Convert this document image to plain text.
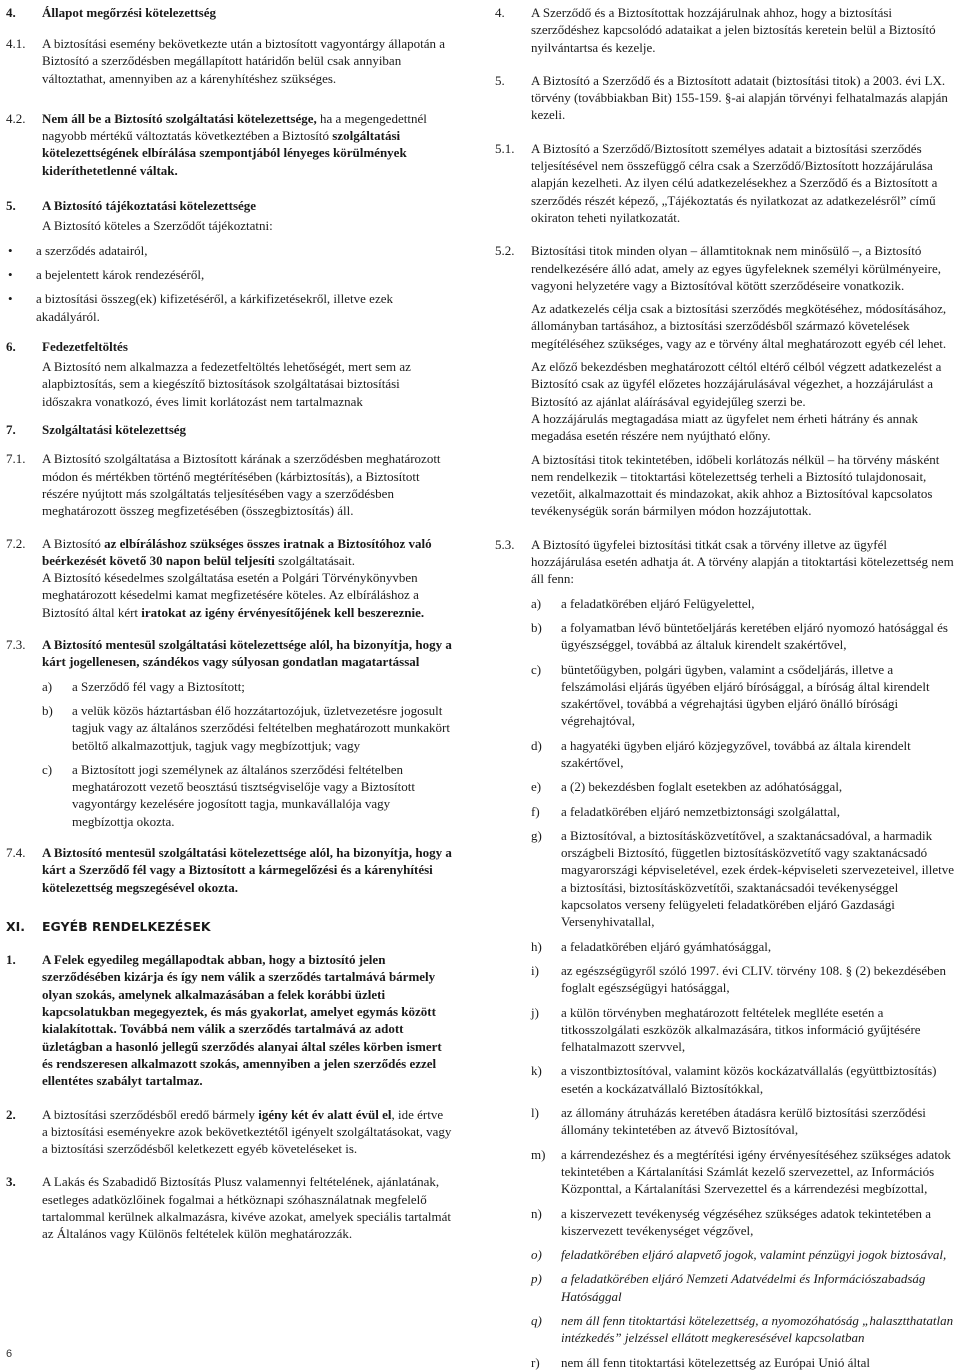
4. Állapot megőrzési kötelezettség
4.1. A biztosítási esemény bekövetkezte után a biztosított vagyontárgy állapotán a Biztosító a szerződésben megállapított határidőn belül csak annyiban változtathat, amennyiben az a kárenyhítéshez szükséges.

4.2. Nem áll be a Biztosító szolgáltatási kötelezettsége, ha a megengedettnél nagyobb mértékű változtatás következtében a Biztosító szolgáltatási kötelezettségének elbírálása szempontjából lényeges körülmények kideríthetetlenné váltak.

5. A Biztosító tájékoztatási kötelezettsége

A Biztosító köteles a Szerződőt tájékoztatni:

• a szerződés adatairól,
• a bejelentett károk rendezéséről,
• a biztosítási összeg(ek) kifizetéséről, a kárkifizetésekről, illetve ezek akadályáról.
6. Fedezetfeltöltés

A Biztosító nem alkalmazza a fedezetfeltöltés lehetőségét, mert sem az alapbiztosítás, sem a kiegészítő biztosítások szolgáltatásai biztosítási időszakra vonatkozó, éves limit korlátozást nem tartalmaznak

7. Szolgáltatási kötelezettség
7.1. A Biztosító szolgáltatása a Biztosított kárának a szerződésben meghatározott módon és mértékben történő megtérítésében (kárbiztosítás), a Biztosított részére nyújtott más szolgáltatás teljesítésében vagy a szerződésben meghatározott összeg megfizetésében (összegbiztosítás) áll.

7.2. A Biztosító az elbíráláshoz szükséges összes iratnak a Biztosítóhoz való beérkezését követő 30 napon belül teljesíti szolgáltatásait.

A Biztosító késedelmes szolgáltatása esetén a Polgári Törvénykönyvben meghatározott késedelmi kamat megfizetésére köteles. Az elbíráláshoz a Biztosító által kért iratokat az igény érvényesítőjének kell beszereznie.

7.3. A Biztosító mentesül szolgáltatási kötelezettsége alól, ha bizonyítja, hogy a kárt jogellenesen, szándékos vagy súlyosan gondatlan magatartással

a) a Szerződő fél vagy a Biztosított;
b) a velük közös háztartásban élő hozzátartozójuk, üzletvezetésre jogosult tagjuk vagy az általános szerződési feltételben meghatározott munkakört betöltő alkalmazottjuk, tagjuk vagy megbízottjuk; vagy
c) a Biztosított jogi személynek az általános szerződési feltételben meghatározott vezető beosztású tisztségviselője vagy a Biztosított vagyontárgy kezelésére jogosított tagja, munkavállalója vagy megbízottja okozta.
7.4. A Biztosító mentesül szolgáltatási kötelezettsége alól, ha bizonyítja, hogy a kárt a Szerződő fél vagy a Biztosított a kármegelőzési és a kárenyhítési kötelezettség megszegésével okozta.

XI. EGYÉB RENDELKEZÉSEK
1. A Felek egyedileg megállapodtak abban, hogy a biztosító jelen szerződésében kizárja és így nem válik a szerződés tartalmává bármely olyan szokás, amelynek alkalmazásában a felek korábbi üzleti kapcsolatukban megegyeztek, és más gyakorlat, amelyet egymás között kialakítottak. Továbbá nem válik a szerződés tartalmává az adott üzletágban a hasonló jellegű szerződés alanyai által széles körben ismert és rendszeresen alkalmazott szokás, amennyiben a jelen szerződés ezzel ellentétes szabályt tartalmaz.

2. A biztosítási szerződésből eredő bármely igény két év alatt évül el, ide értve a biztosítási eseményekre azok bekövetkeztétől igényelt szolgáltatásokat, vagy a biztosítási szerződésből keletkezett egyéb követeléseket is.

3. A Lakás és Szabadidő Biztosítás Plusz valamennyi feltételének, ajánlatának, esetleges adatközlőinek fogalmai a hétköznapi szóhasználatnak megfelelő tartalommal kerülnek alkalmazásra, kivéve azokat, amelyek speciális tartalmát az Általános vagy Különös feltételek külön meghatározzák.

4. A Szerződő és a Biztosítottak hozzájárulnak ahhoz, hogy a biztosítási szerződéshez kapcsolódó adataikat a jelen biztosítás keretein belül a Biztosító nyilvántartsa és kezelje.

5. A Biztosító a Szerződő és a Biztosított adatait (biztosítási titok) a 2003. évi LX. törvény (továbbiakban Bit) 155-159. §-ai alapján törvényi felhatalmazás alapján kezeli.

5.1. A Biztosító a Szerződő/Biztosított személyes adatait a biztosítási szerződés teljesítésével nem összefüggő célra csak a Szerződő/Biztosított hozzájárulása alapján kezelheti. Az ilyen célú adatkezelésekhez a Szerződő és a Biztosított a szerződés részét képező, „Tájékoztatás és nyilatkozat az adatkezelésről” című okiraton teheti nyilatkozatát.

5.2. Biztosítási titok minden olyan – államtitoknak nem minősülő –, a Biztosító rendelkezésére álló adat, amely az egyes ügyfeleknek személyi körülményeire, vagyoni helyzetére vagy a Biztosítóval kötött szerződéseire vonatkozik.

Az adatkezelés célja csak a biztosítási szerződés megkötéséhez, módosításához, állományban tartásához, a biztosítási szerződésből származó követelések megítéléséhez szükséges, vagy az e törvény által meghatározott egyéb cél lehet.

Az előző bekezdésben meghatározott céltól eltérő célból végzett adatkezelést a Biztosító csak az ügyfél előzetes hozzájárulásával végezhet, a hozzájárulást a Biztosító az ajánlat aláírásával egyidejűleg szerzi be.

A hozzájárulás megtagadása miatt az ügyfelet nem érheti hátrány és annak megadása esetén részére nem nyújtható előny.

A biztosítási titok tekintetében, időbeli korlátozás nélkül – ha törvény másként nem rendelkezik – titoktartási kötelezettség terheli a Biztosító tulajdonosait, vezetőit, alkalmazottait és mindazokat, akik ahhoz a Biztosítóval kapcsolatos tevékenységük során bármilyen módon hozzájutottak.

5.3. A Biztosító ügyfelei biztosítási titkát csak a törvény illetve az ügyfél hozzájárulása esetén adhatja át. A törvény alapján a titoktartási kötelezettség nem áll fenn:

a) a feladatkörében eljáró Felügyelettel,
b) a folyamatban lévő büntetőeljárás keretében eljáró nyomozó hatósággal és ügyészséggel, továbbá az általuk kirendelt szakértővel,
c) büntetőügyben, polgári ügyben, valamint a csődeljárás, illetve a felszámolási eljárás ügyében eljáró bírósággal, a bíróság által kirendelt szakértővel, továbbá a végrehajtási ügyben eljáró önálló bírósági végrehajtóval,
d) a hagyatéki ügyben eljáró közjegyzővel, továbbá az általa kirendelt szakértővel,
e) a (2) bekezdésben foglalt esetekben az adóhatósággal,
f) a feladatkörében eljáró nemzetbiztonsági szolgálattal,
g) a Biztosítóval, a biztosításközvetítővel, a szaktanácsadóval, a harmadik országbeli Biztosító, független biztosításközvetítő vagy szaktanácsadó magyarországi képviseletével, ezek érdek-képviseleti szervezeteivel, illetve a biztosítási, biztosításközvetítői, szaktanácsadói tevékenységgel kapcsolatos verseny felügyeleti feladatkörében eljáró Gazdasági Versenyhivatallal,
h) a feladatkörében eljáró gyámhatósággal,
i) az egészségügyről szóló 1997. évi CLIV. törvény 108. § (2) bekezdésében foglalt egészségügyi hatósággal,
j) a külön törvényben meghatározott feltételek meglléte esetén a titkosszolgálati eszközök alkalmazására, titkos információ gyűjtésére felhatalmazott szervvel,
k) a viszontbiztosítóval, valamint közös kockázatvállalás (együttbiztosítás) esetén a kockázatvállaló Biztosítókkal,
l) az állomány átruházás keretében átadásra kerülő biztosítási szerződési állomány tekintetében az átvevő Biztosítóval,
m) a kárrendezéshez és a megtérítési igény érvényesítéséhez szükséges adatok tekintetében a Kártalanítási Számlát kezelő szervezettel, az Információs Központtal, a Kártalanítási Szervezettel és a kárrendezési megbízottal,
n) a kiszervezett tevékenység végzéséhez szükséges adatok tekintetében a kiszervezett tevékenységet végzővel,
o) feladatkörében eljáró alapvető jogok, valamint pénzügyi jogok biztosával,
p) a feladatkörében eljáró Nemzeti Adatvédelmi és Információszabadság Hatósággal
q) nem áll fenn titoktartási kötelezettség, a nyomozóhatóság „halasztthatatlan intézkedés” jelzéssel ellátott megkeresésével kapcsolatban
r) nem áll fenn titoktartási kötelezettség az Európai Unió által
6
